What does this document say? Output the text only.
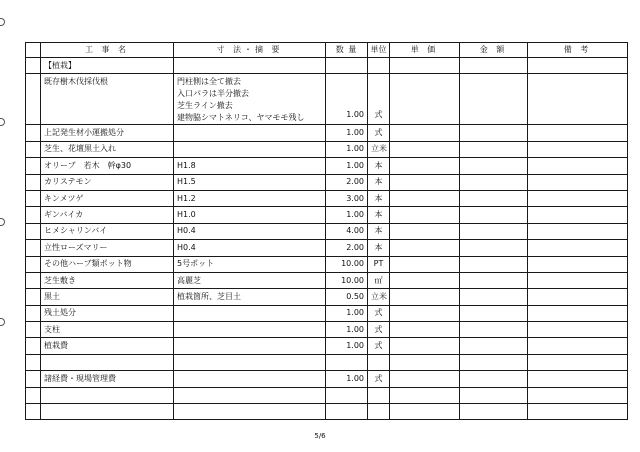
	工 事 名	寸 法・摘 要	数 量	単位	単 価	金 額	備 考
	【植栽】						
	既存樹木伐採伐根	門柱側は全て撤去
入口パラは半分撤去
芝生ライン撤去
建物脇シマトネリコ、ヤマモモ残し	1.00	式			
	上記発生材小運搬処分		1.00	式			
	芝生、花壇黒土入れ		1.00	立米			
	オリーブ　若木　幹φ30	H1.8	1.00	本			
	カリステモン	H1.5	2.00	本			
	キンメツゲ	H1.2	3.00	本			
	ギンバイカ	H1.0	1.00	本			
	ヒメシャリンバイ	H0.4	4.00	本			
	立性ローズマリー	H0.4	2.00	本			
	その他ハーブ類ポット物	5号ポット	10.00	PT			
	芝生敷き	高麗芝	10.00	㎡			
	黒土	植栽箇所、芝目土	0.50	立米			
	残土処分		1.00	式			
	支柱		1.00	式			
	植栽費		1.00	式			

	諸経費・現場管理費		1.00	式			

5/6
